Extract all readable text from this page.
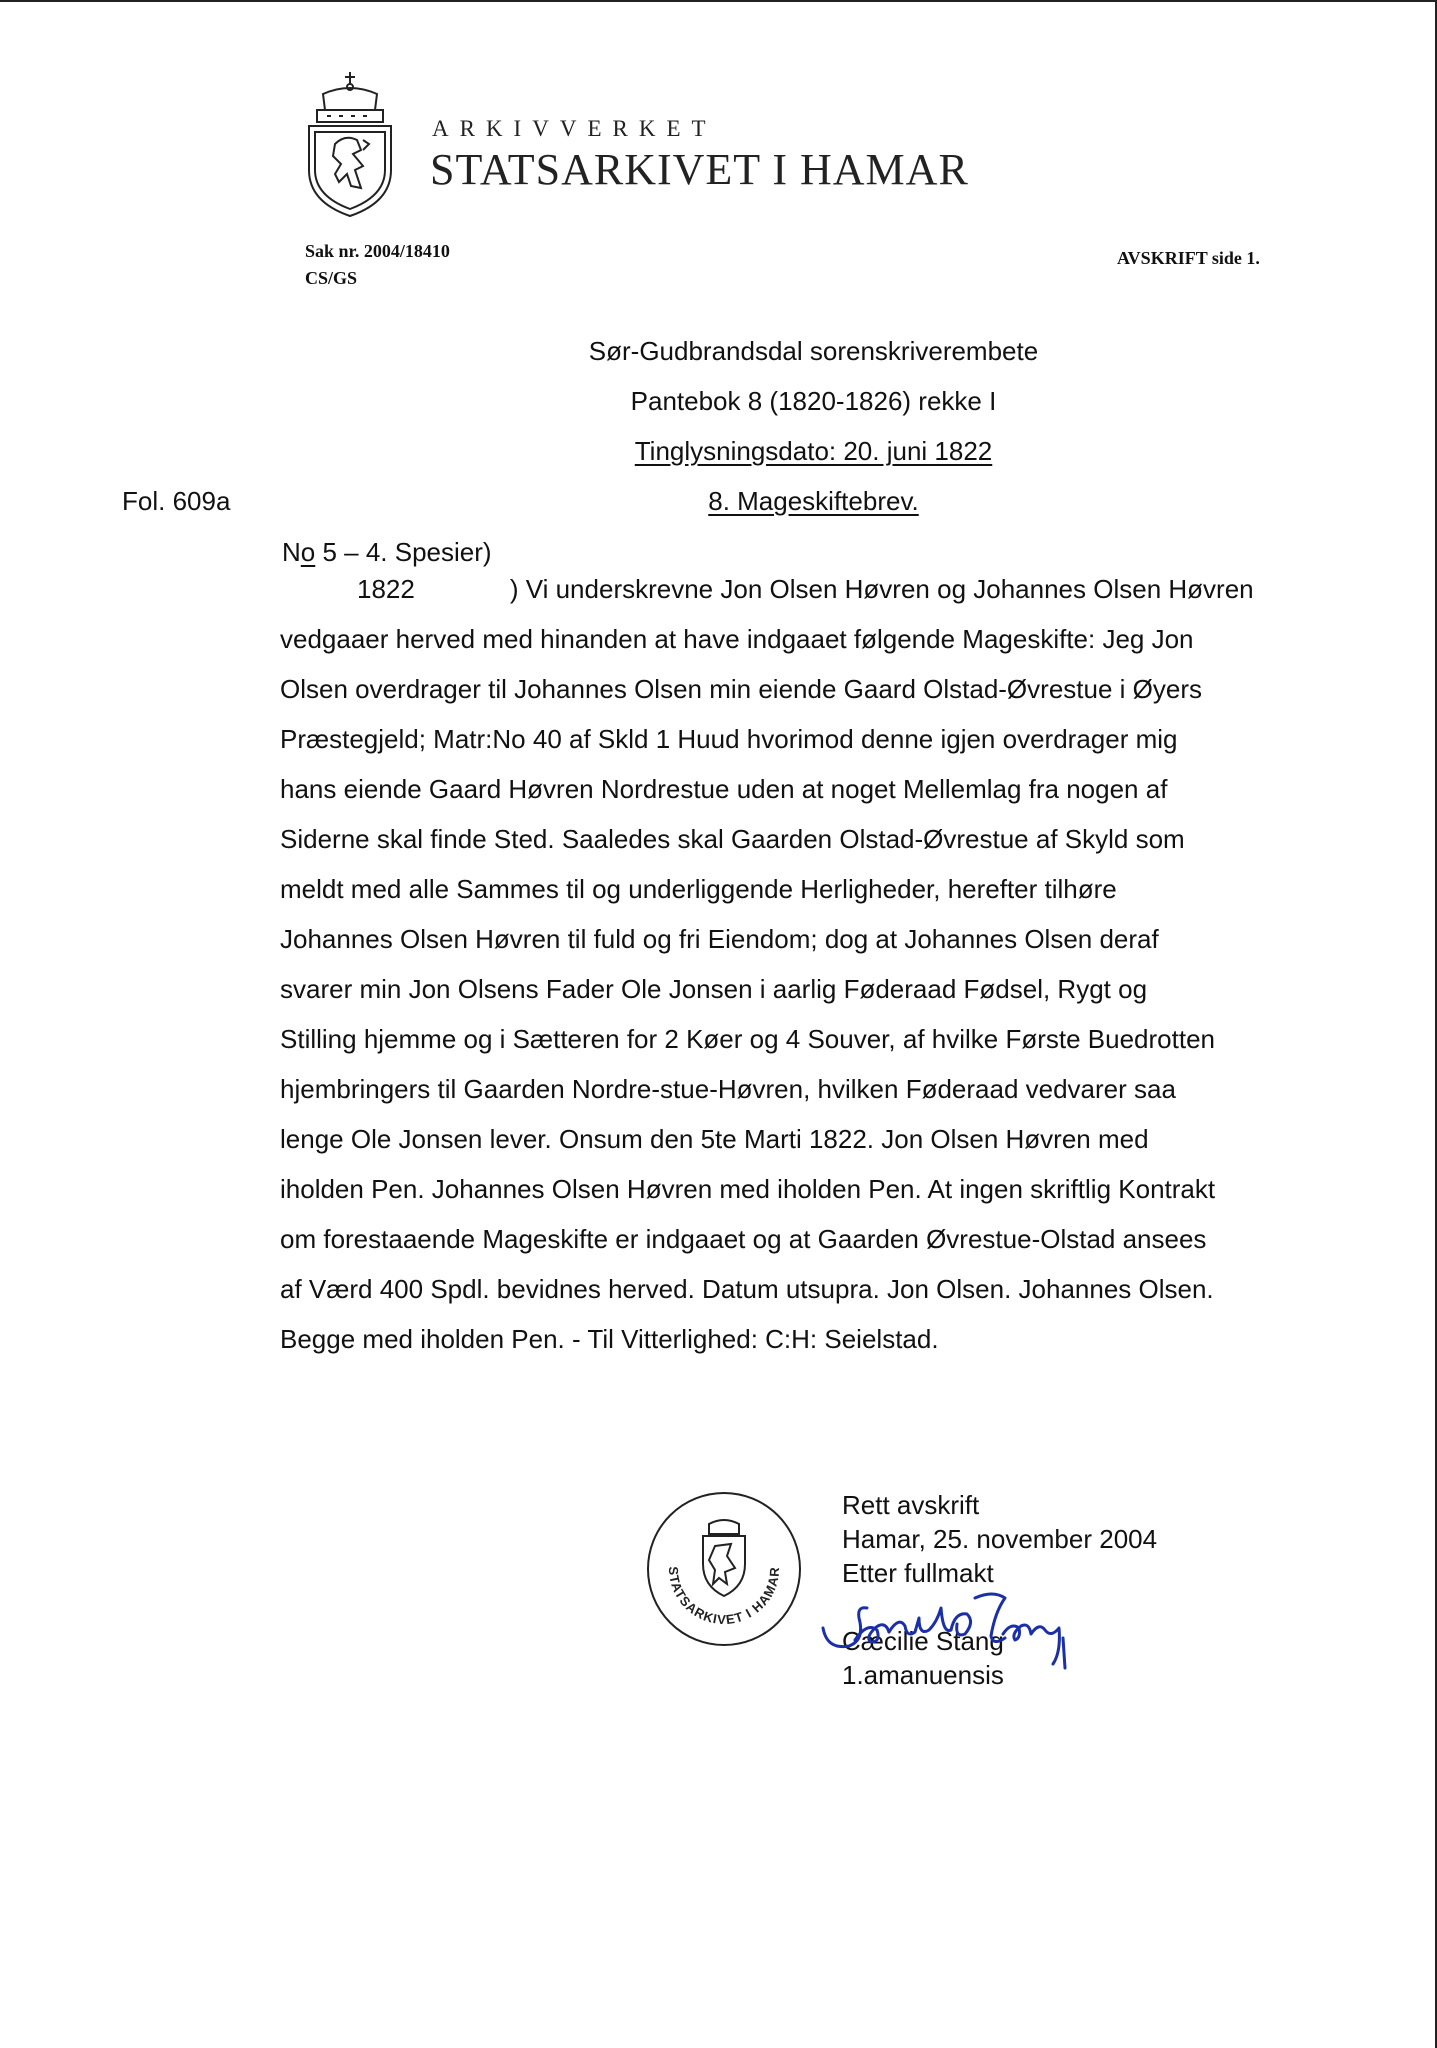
ARKIVVERKET
STATSARKIVET I HAMAR
Sak nr. 2004/18410
CS/GS
AVSKRIFT side 1.
Sør-Gudbrandsdal sorenskriverembete
Pantebok 8 (1820-1826) rekke I
Tinglysningsdato: 20. juni 1822
8. Mageskiftebrev.
Fol. 609a
No 5 – 4. Spesier)
1822	) Vi underskrevne Jon Olsen Høvren og Johannes Olsen Høvren
vedgaaer herved med hinanden at have indgaaet følgende Mageskifte: Jeg Jon
Olsen overdrager til Johannes Olsen min eiende Gaard Olstad-Øvrestue i Øyers
Præstegjeld; Matr:No 40 af Skld 1 Huud hvorimod denne igjen overdrager mig
hans eiende Gaard Høvren Nordrestue uden at noget Mellemlag fra nogen af
Siderne skal finde Sted. Saaledes skal Gaarden Olstad-Øvrestue af Skyld som
meldt med alle Sammes til og underliggende Herligheder, herefter tilhøre
Johannes Olsen Høvren til fuld og fri Eiendom; dog at Johannes Olsen deraf
svarer min Jon Olsens Fader Ole Jonsen i aarlig Føderaad Fødsel, Rygt og
Stilling hjemme og i Sætteren for 2 Køer og 4 Souver, af hvilke Første Buedrotten
hjembringers til Gaarden Nordre-stue-Høvren, hvilken Føderaad vedvarer saa
lenge Ole Jonsen lever. Onsum den 5te Marti 1822. Jon Olsen Høvren med
iholden Pen. Johannes Olsen Høvren med iholden Pen. At ingen skriftlig Kontrakt
om forestaaende Mageskifte er indgaaet og at Gaarden Øvrestue-Olstad ansees
af Værd 400 Spdl. bevidnes herved. Datum utsupra. Jon Olsen. Johannes Olsen.
Begge med iholden Pen. - Til Vitterlighed: C:H: Seielstad.
STATSARKIVET I HAMAR
Rett avskrift
Hamar, 25. november 2004
Etter fullmakt
Cæcilie Stang
1.amanuensis
